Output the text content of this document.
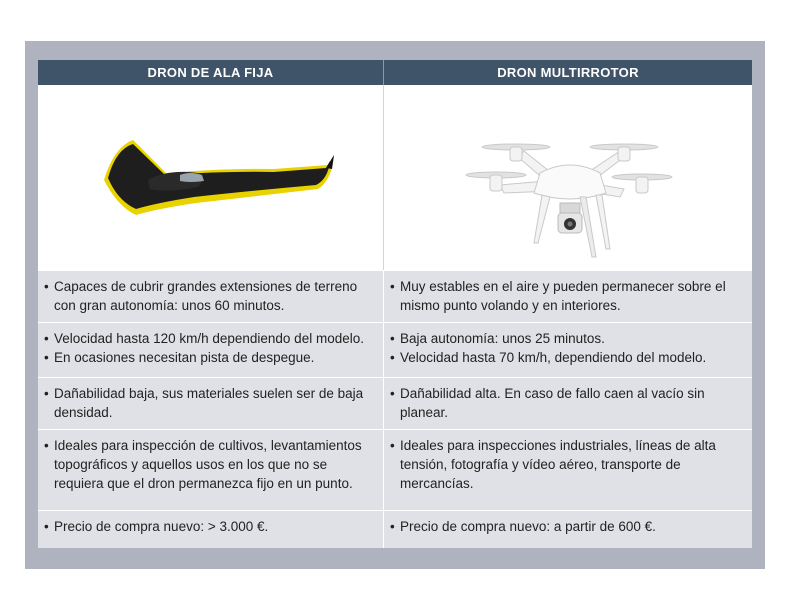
DRON DE ALA FIJA	DRON MULTIRROTOR
• Capaces de cubrir grandes extensiones de terreno con gran autonomía: unos 60 minutos.
• Muy estables en el aire y pueden permanecer sobre el mismo punto volando y en interiores.
• Velocidad hasta 120 km/h dependiendo del modelo.
• En ocasiones necesitan pista de despegue.
• Baja autonomía: unos 25 minutos.
• Velocidad hasta 70 km/h, dependiendo del modelo.
• Dañabilidad baja, sus materiales suelen ser de baja densidad.
• Dañabilidad alta. En caso de fallo caen al vacío sin planear.
• Ideales para inspección de cultivos, levantamientos topográficos y aquellos usos en los que no se requiera que el dron permanezca fijo en un punto.
• Ideales para inspecciones industriales, líneas de alta tensión, fotografía y vídeo aéreo, transporte de mercancías.
• Precio de compra nuevo: > 3.000 €.	• Precio de compra nuevo: a partir de 600 €.
